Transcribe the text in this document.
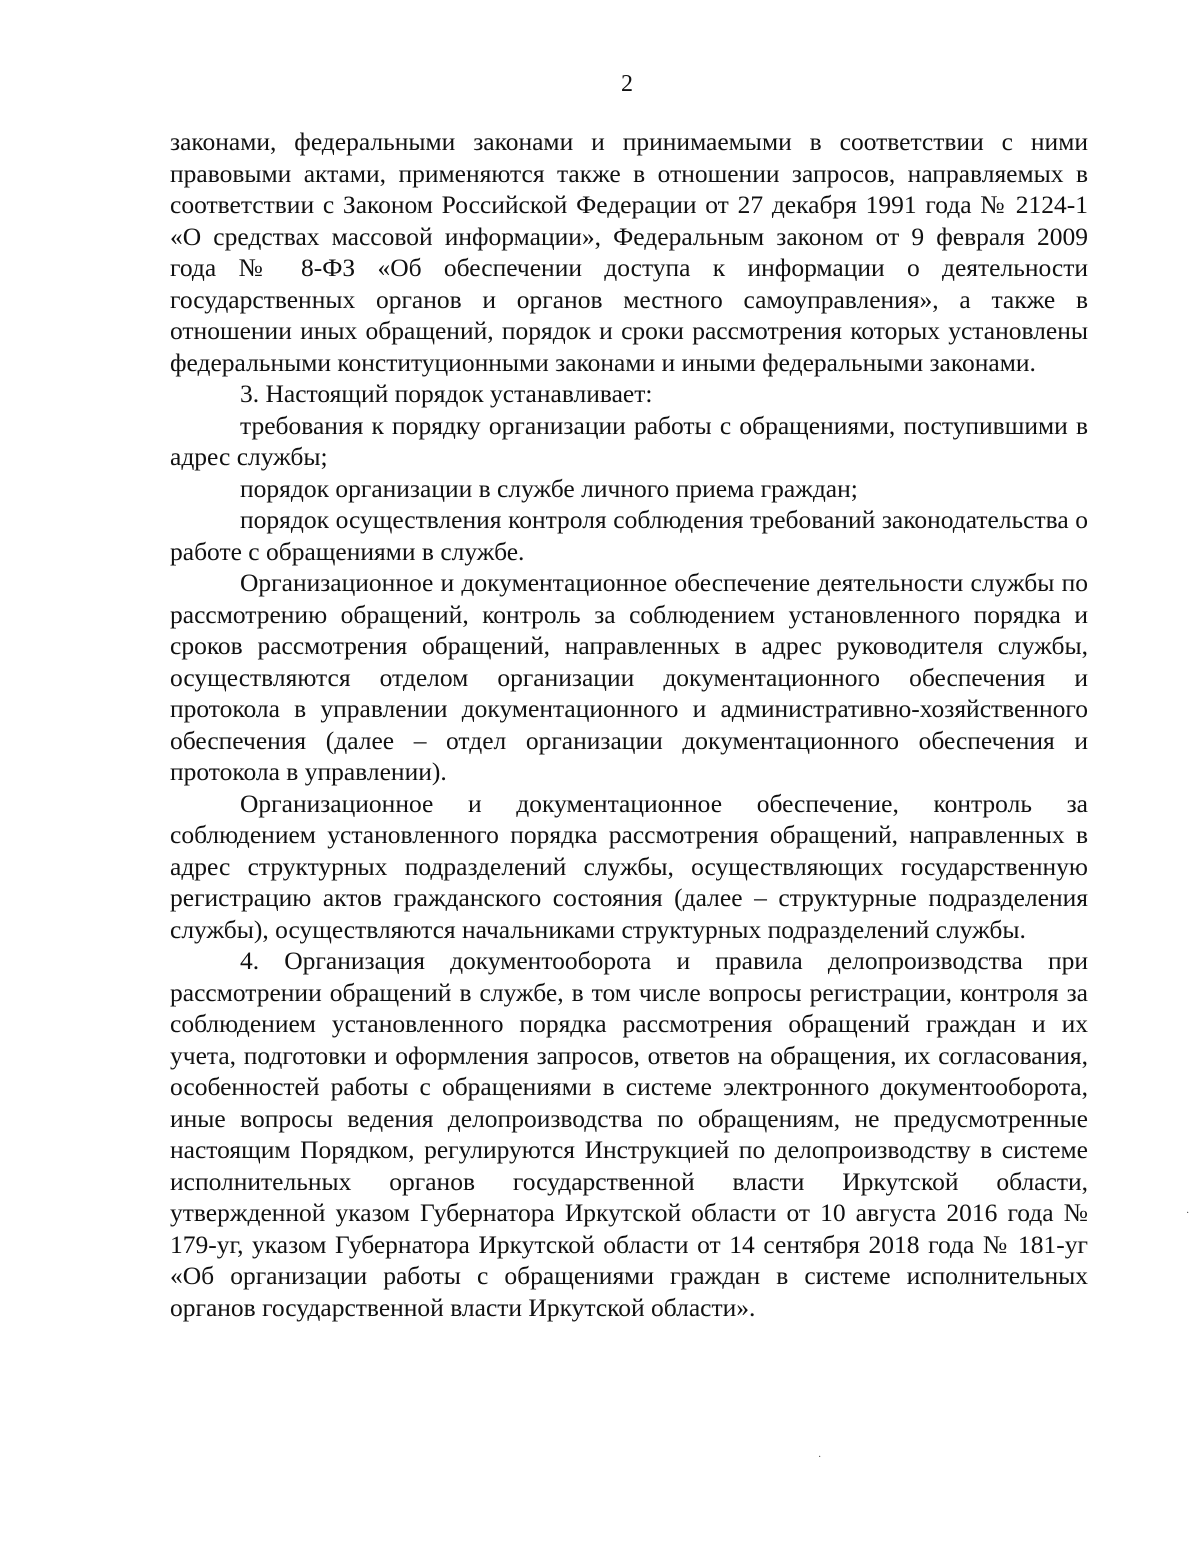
2

законами, федеральными законами и принимаемыми в соответствии с ними правовыми актами, применяются также в отношении запросов, направляемых в соответствии с Законом Российской Федерации от 27 декабря 1991 года № 2124-1 «О средствах массовой информации», Федеральным законом от 9 февраля 2009 года № 8-ФЗ «Об обеспечении доступа к информации о деятельности государственных органов и органов местного самоуправления», а также в отношении иных обращений, порядок и сроки рассмотрения которых установлены федеральными конституционными законами и иными федеральными законами.

3. Настоящий порядок устанавливает:

требования к порядку организации работы с обращениями, поступившими в адрес службы;

порядок организации в службе личного приема граждан;

порядок осуществления контроля соблюдения требований законодательства о работе с обращениями в службе.

Организационное и документационное обеспечение деятельности службы по рассмотрению обращений, контроль за соблюдением установленного порядка и сроков рассмотрения обращений, направленных в адрес руководителя службы, осуществляются отделом организации документационного обеспечения и протокола в управлении документационного и административно-хозяйственного обеспечения (далее – отдел организации документационного обеспечения и протокола в управлении).

Организационное и документационное обеспечение, контроль за соблюдением установленного порядка рассмотрения обращений, направленных в адрес структурных подразделений службы, осуществляющих государственную регистрацию актов гражданского состояния (далее – структурные подразделения службы), осуществляются начальниками структурных подразделений службы.

4. Организация документооборота и правила делопроизводства при рассмотрении обращений в службе, в том числе вопросы регистрации, контроля за соблюдением установленного порядка рассмотрения обращений граждан и их учета, подготовки и оформления запросов, ответов на обращения, их согласования, особенностей работы с обращениями в системе электронного документооборота, иные вопросы ведения делопроизводства по обращениям, не предусмотренные настоящим Порядком, регулируются Инструкцией по делопроизводству в системе исполнительных органов государственной власти Иркутской области, утвержденной указом Губернатора Иркутской области от 10 августа 2016 года № 179-уг, указом Губернатора Иркутской области от 14 сентября 2018 года № 181-уг «Об организации работы с обращениями граждан в системе исполнительных органов государственной власти Иркутской области».

·
·
